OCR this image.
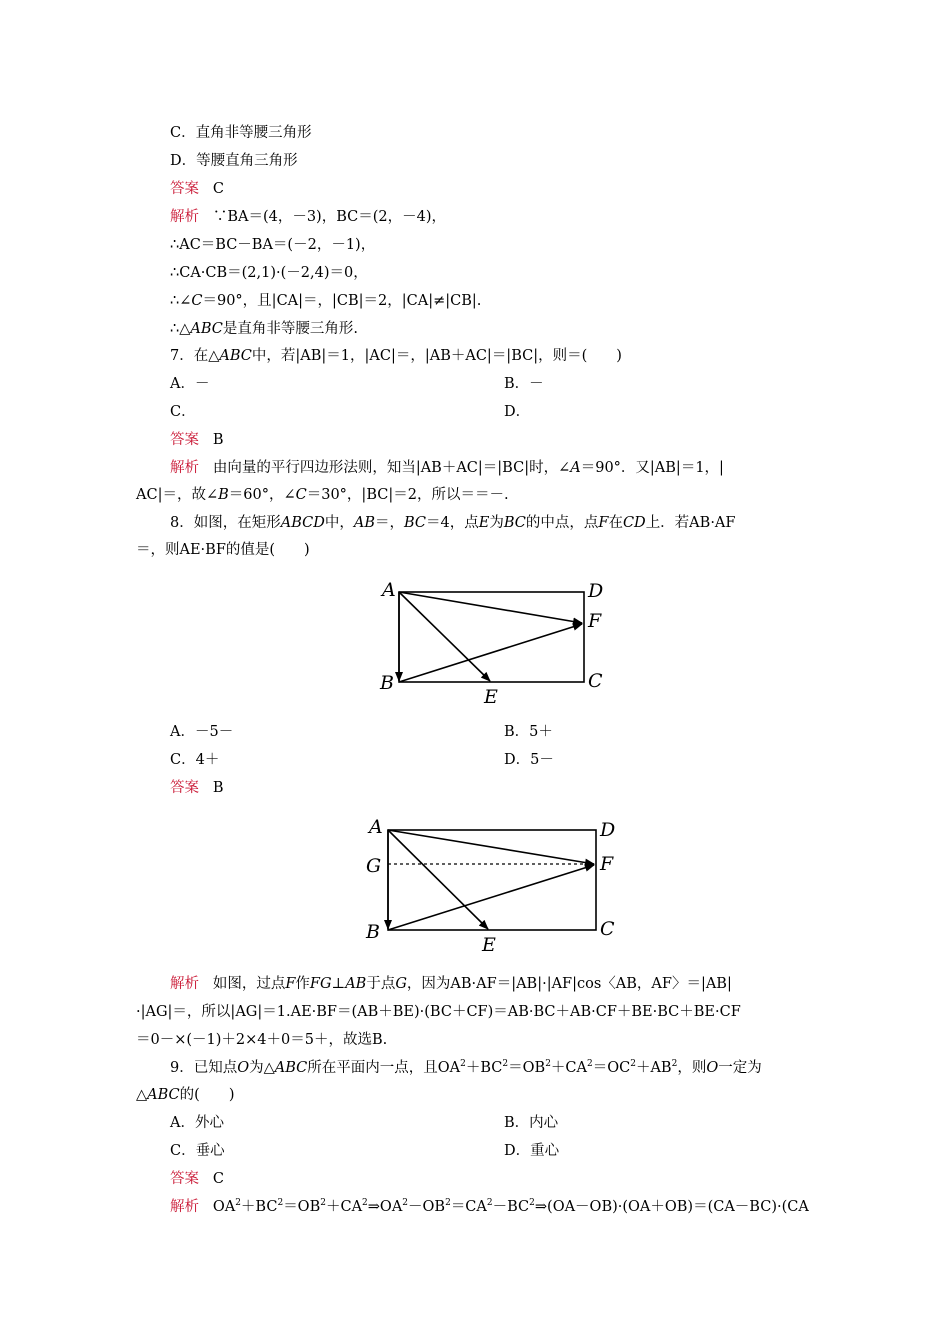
C．直角非等腰三角形
D．等腰直角三角形
答案 C
解析 ∵BA＝(4，－3)，BC＝(2，－4)，
∴AC＝BC－BA＝(－2，－1)，
∴CA·CB＝(2,1)·(－2,4)＝0，
∴∠C＝90°，且|CA|＝，|CB|＝2，|CA|≠|CB|.
∴△ABC是直角非等腰三角形.
7．在△ABC中，若|AB|＝1，|AC|＝，|AB＋AC|＝|BC|，则＝(　　)
A．－	B．－
C．	D．
答案 B
解析 由向量的平行四边形法则，知当|AB＋AC|＝|BC|时，∠A＝90°．又|AB|＝1，|
AC|＝，故∠B＝60°，∠C＝30°，|BC|＝2，所以＝＝－.
8．如图，在矩形ABCD中，AB＝，BC＝4，点E为BC的中点，点F在CD上．若AB·AF
＝，则AE·BF的值是(　　)
A	D
F
B
E
C
A．－5－	B．5＋
C．4＋	D．5－
答案 B
A	D
G	F
B
E
C
解析 如图，过点F作FG⊥AB于点G，因为AB·AF＝|AB|·|AF|cos〈AB，AF〉＝|AB|
·|AG|＝，所以|AG|＝1.AE·BF＝(AB＋BE)·(BC＋CF)＝AB·BC＋AB·CF＋BE·BC＋BE·CF
＝0－×(－1)＋2×4＋0＝5＋，故选B.
9．已知点O为△ABC所在平面内一点，且$OA^2+BC^2=OB^2+CA^2=OC^2+AB^2$，则O一定为
△ABC的(　　)
A．外心	B．内心
C．垂心	D．重心
答案 C
解析 $OA^2+BC^2=OB^2+CA^2\Rightarrow OA^2-OB^2=CA^2-BC^2\Rightarrow(OA-OB)\cdot(OA+OB)=(CA-BC)\cdot(CA$
